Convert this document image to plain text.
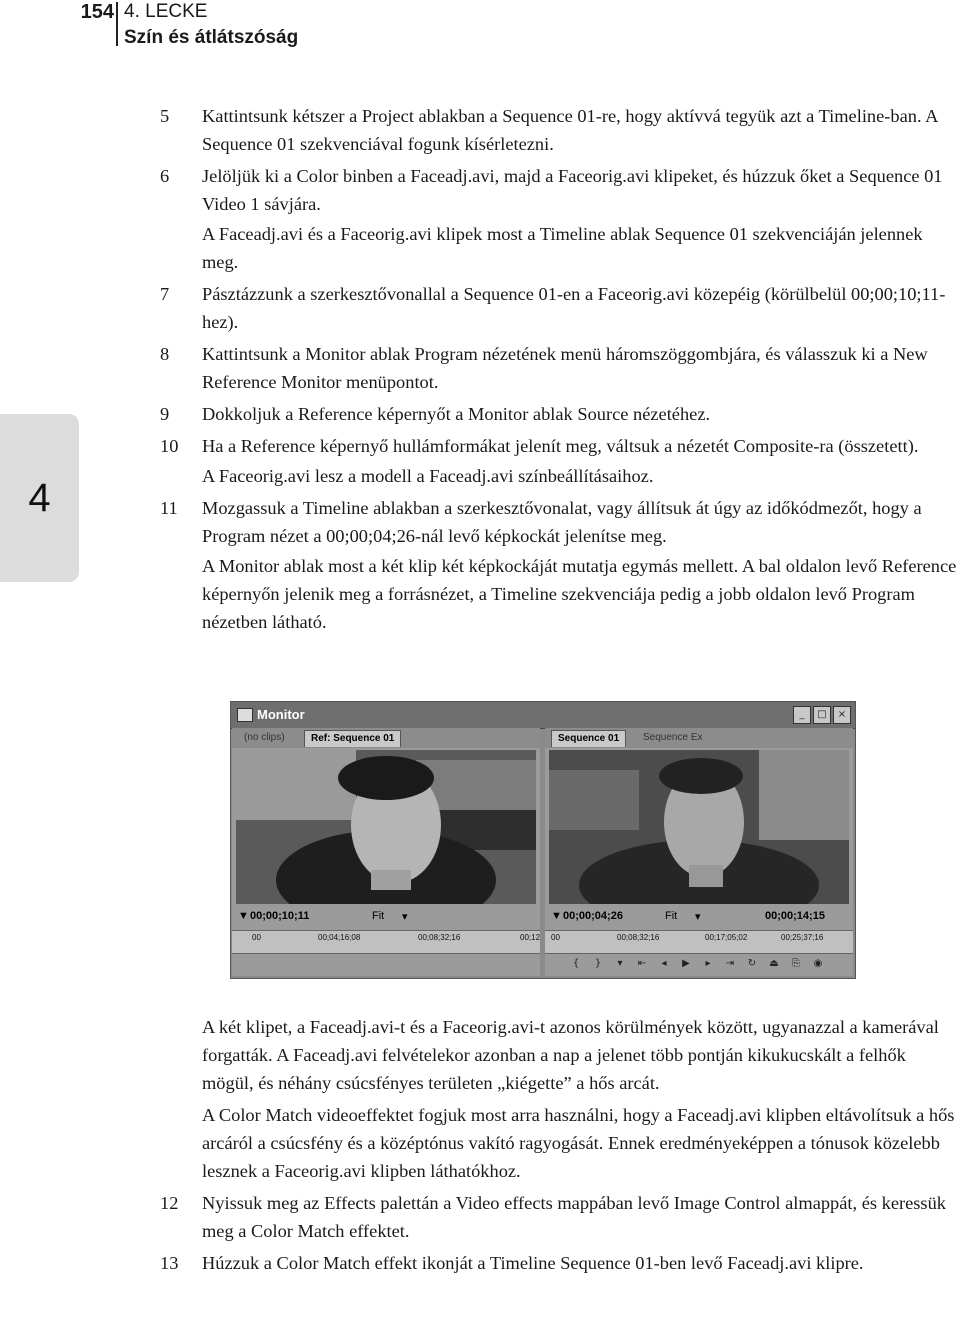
154 4. LECKE
Szín és átlátszóság
4
5	Kattintsunk kétszer a Project ablakban a Sequence 01-re, hogy aktívvá tegyük azt a Timeline-ban. A Sequence 01 szekvenciával fogunk kísérletezni.
6	Jelöljük ki a Color binben a Faceadj.avi, majd a Faceorig.avi klipeket, és húzzuk őket a Sequence 01 Video 1 sávjára.
A Faceadj.avi és a Faceorig.avi klipek most a Timeline ablak Sequence 01 szekvenciáján jelennek meg.
7	Pásztázzunk a szerkesztővonallal a Sequence 01-en a Faceorig.avi közepéig (körülbelül 00;00;10;11-hez).
8	Kattintsunk a Monitor ablak Program nézetének menü háromszöggombjára, és válasszuk ki a New Reference Monitor menüpontot.
9	Dokkoljuk a Reference képernyőt a Monitor ablak Source nézetéhez.
10	Ha a Reference képernyő hullámformákat jelenít meg, váltsuk a nézetét Composite-ra (összetett).
A Faceorig.avi lesz a modell a Faceadj.avi színbeállításaihoz.
11	Mozgassuk a Timeline ablakban a szerkesztővonalat, vagy állítsuk át úgy az időkódmezőt, hogy a Program nézet a 00;00;04;26-nál levő képkockát jelenítse meg.
A Monitor ablak most a két klip két képkockáját mutatja egymás mellett. A bal oldalon levő Reference képernyőn jelenik meg a forrásnézet, a Timeline szekvenciája pedig a jobb oldalon levő Program nézetben látható.
Monitor	_	□	×
(no clips)	Ref: Sequence 01
▼ 00;00;10;11	Fit ▾
00	00;04;16;08	00;08;32;16	00;12
Sequence 01	Sequence Ex
▼ 00;00;04;26	Fit ▾	00;00;14;15
00	00;08;32;16	00;17;05;02	00;25;37;16
{	}	▾	⇤	◂	▶	▸	⇥ ↻ ⏏	⎘	◉
A két klipet, a Faceadj.avi-t és a Faceorig.avi-t azonos körülmények között, ugyanazzal a kamerával forgatták. A Faceadj.avi felvételekor azonban a nap a jelenet több pontján kikukucskált a felhők mögül, és néhány csúcsfényes területen „kiégette” a hős arcát.
A Color Match videoeffektet fogjuk most arra használni, hogy a Faceadj.avi klipben eltávolítsuk a hős arcáról a csúcsfény és a középtónus vakító ragyogását. Ennek eredményeképpen a tónusok közelebb lesznek a Faceorig.avi klipben láthatókhoz.
12	Nyissuk meg az Effects palettán a Video effects mappában levő Image Control almappát, és keressük meg a Color Match effektet.
13	Húzzuk a Color Match effekt ikonját a Timeline Sequence 01-ben levő Faceadj.avi klipre.
